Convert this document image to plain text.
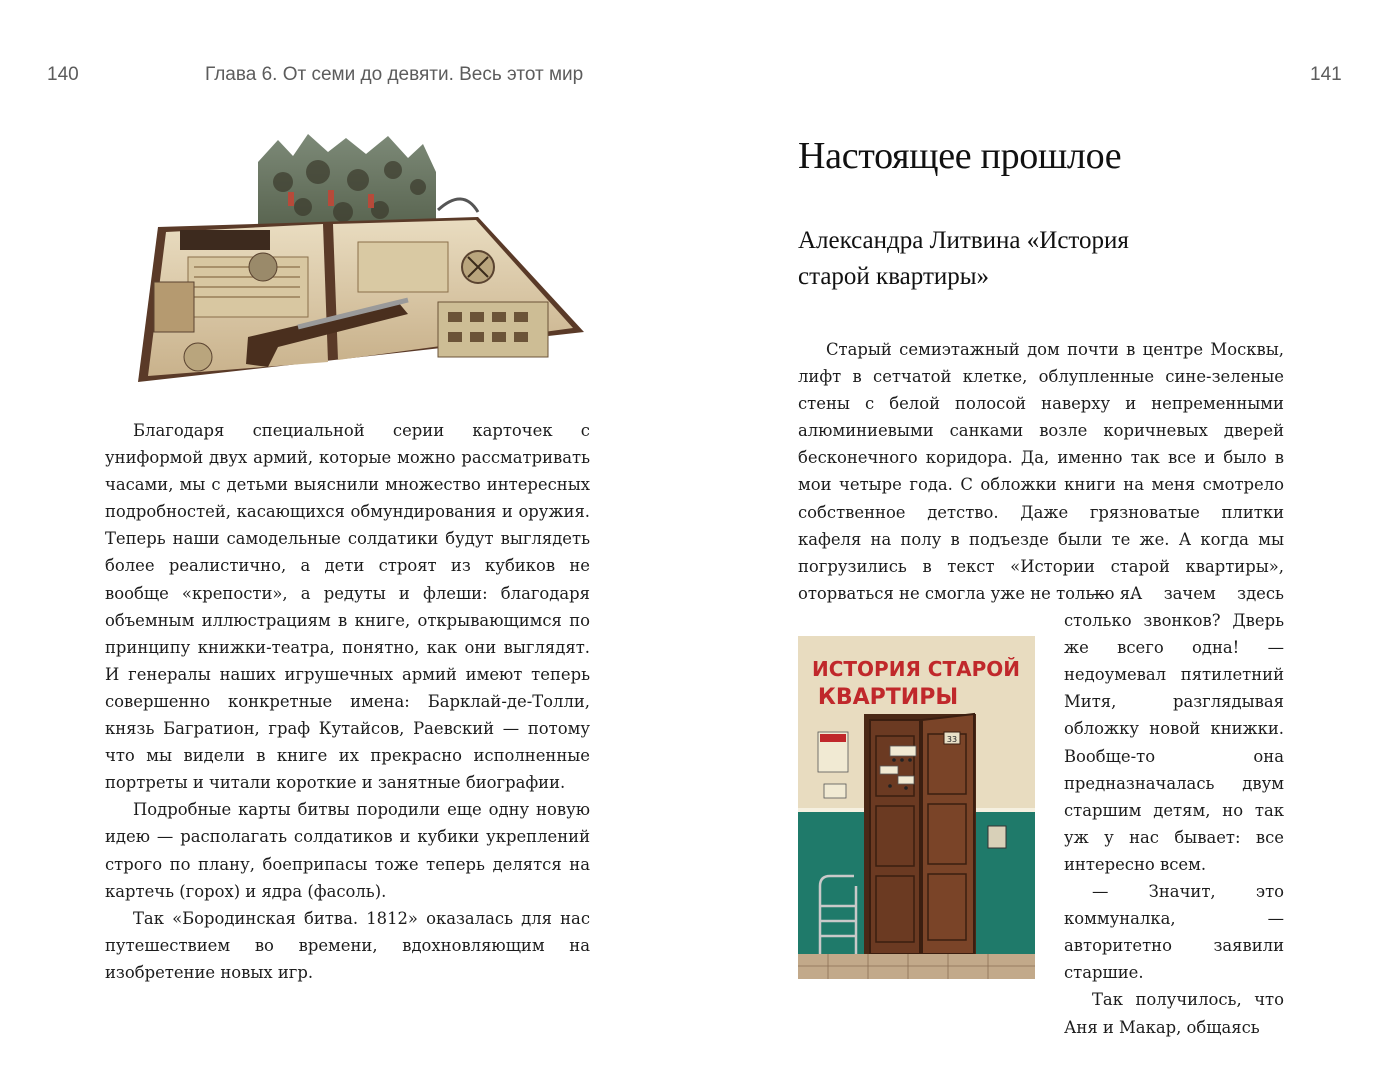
140	Глава 6. От семи до девяти. Весь этот мир	141

Благодаря специальной серии карточек с униформой двух армий, которые можно рассматривать часами, мы с детьми выяснили множество интересных подробностей, касающихся обмундирования и оружия. Теперь наши самодельные солдатики будут выглядеть более реалистично, а дети строят из кубиков не вообще «крепости», а редуты и флеши: благодаря объемным иллюстрациям в книге, открывающимся по принципу книжки-театра, понятно, как они выглядят. И генералы наших игрушечных армий имеют теперь совершенно конкретные имена: Барклай-де-Толли, князь Багратион, граф Кутайсов, Раевский — потому что мы видели в книге их прекрасно исполненные портреты и читали короткие и занятные биографии.

Подробные карты битвы породили еще одну новую идею — располагать солдатиков и кубики укреплений строго по плану, боеприпасы тоже теперь делятся на картечь (горох) и ядра (фасоль).

Так «Бородинская битва. 1812» оказалась для нас путешествием во времени, вдохновляющим на изобретение новых игр.

Настоящее прошлое
Александра Литвина «История
старой квартиры»

Старый семиэтажный дом почти в центре Москвы, лифт в сетчатой клетке, облупленные сине-зеленые стены с белой полосой наверху и непременными алюминиевыми санками возле коричневых дверей бесконечного коридора. Да, именно так все и было в мои четыре года. С обложки книги на меня смотрело собственное детство. Даже грязноватые плитки кафеля на полу в подъезде были те же. А когда мы погрузились в текст «Истории старой квартиры», оторваться не смогла уже не только я.

ИСТОРИЯ СТАРОЙ
КВАРТИРЫ
33

— А зачем здесь столько звонков? Дверь же всего одна! — недоумевал пятилетний Митя, разглядывая обложку новой книжки. Вообще-то она предназначалась двум старшим детям, но так уж у нас бывает: все интересно всем.

— Значит, это коммуналка, — авторитетно заявили старшие.

Так получилось, что Аня и Макар, общаясь
